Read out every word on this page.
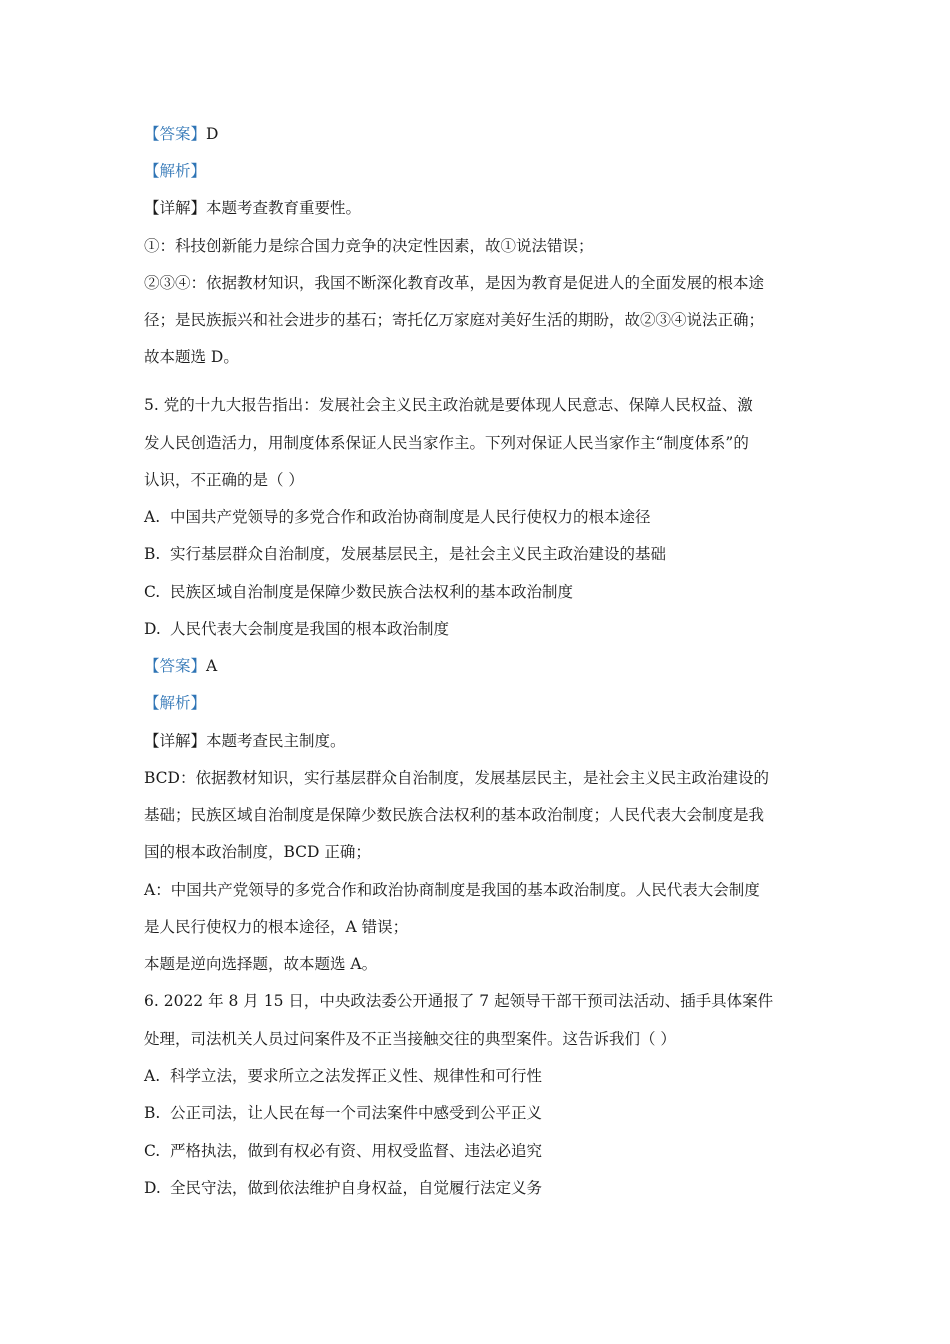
【答案】D
【解析】
【详解】本题考查教育重要性。
①：科技创新能力是综合国力竞争的决定性因素，故①说法错误；
②③④：依据教材知识，我国不断深化教育改革，是因为教育是促进人的全面发展的根本途
径；是民族振兴和社会进步的基石；寄托亿万家庭对美好生活的期盼，故②③④说法正确；
故本题选 D。
5. 党的十九大报告指出：发展社会主义民主政治就是要体现人民意志、保障人民权益、激
发人民创造活力，用制度体系保证人民当家作主。下列对保证人民当家作主“制度体系”的
认识，不正确的是（ ）
A. 中国共产党领导的多党合作和政治协商制度是人民行使权力的根本途径
B. 实行基层群众自治制度，发展基层民主，是社会主义民主政治建设的基础
C. 民族区域自治制度是保障少数民族合法权利的基本政治制度
D. 人民代表大会制度是我国的根本政治制度
【答案】A
【解析】
【详解】本题考查民主制度。
BCD：依据教材知识，实行基层群众自治制度，发展基层民主，是社会主义民主政治建设的
基础；民族区域自治制度是保障少数民族合法权利的基本政治制度；人民代表大会制度是我
国的根本政治制度，BCD 正确；
A：中国共产党领导的多党合作和政治协商制度是我国的基本政治制度。人民代表大会制度
是人民行使权力的根本途径，A 错误；
本题是逆向选择题，故本题选 A。
6. 2022 年 8 月 15 日，中央政法委公开通报了 7 起领导干部干预司法活动、插手具体案件
处理，司法机关人员过问案件及不正当接触交往的典型案件。这告诉我们（ ）
A. 科学立法，要求所立之法发挥正义性、规律性和可行性
B. 公正司法，让人民在每一个司法案件中感受到公平正义
C. 严格执法，做到有权必有资、用权受监督、违法必追究
D. 全民守法，做到依法维护自身权益，自觉履行法定义务
